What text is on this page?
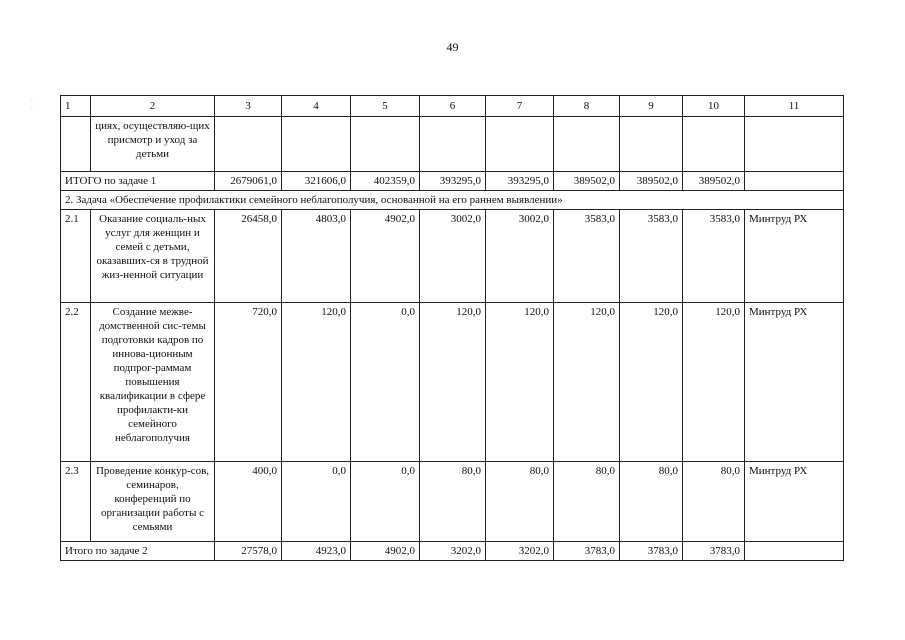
49
· ·
· ·	1	2	3	4	5	6	7	8	9	10	11
	циях, осуществляю-щих присмотр и уход за детьми									
ИТОГО по задаче 1		2679061,0	321606,0	402359,0	393295,0	393295,0	389502,0	389502,0	389502,0	
2. Задача «Обеспечение профилактики семейного неблагополучия, основанной на его раннем выявлении»										
2.1	Оказание социаль-ных услуг для женщин и семей с детьми, оказавших-ся в трудной жиз-ненной ситуации	26458,0	4803,0	4902,0	3002,0	3002,0	3583,0	3583,0	3583,0	Минтруд РХ
2.2	Создание межве-домственной сис-темы подготовки кадров по иннова-ционным подпрог-раммам повышения квалификации в сфере профилакти-ки семейного неблагополучия	720,0	120,0	0,0	120,0	120,0	120,0	120,0	120,0	Минтруд РХ
2.3	Проведение конкур-сов, семинаров, конференций по организации работы с семьями	400,0	0,0	0,0	80,0	80,0	80,0	80,0	80,0	Минтруд РХ
Итого по задаче 2		27578,0	4923,0	4902,0	3202,0	3202,0	3783,0	3783,0	3783,0	
